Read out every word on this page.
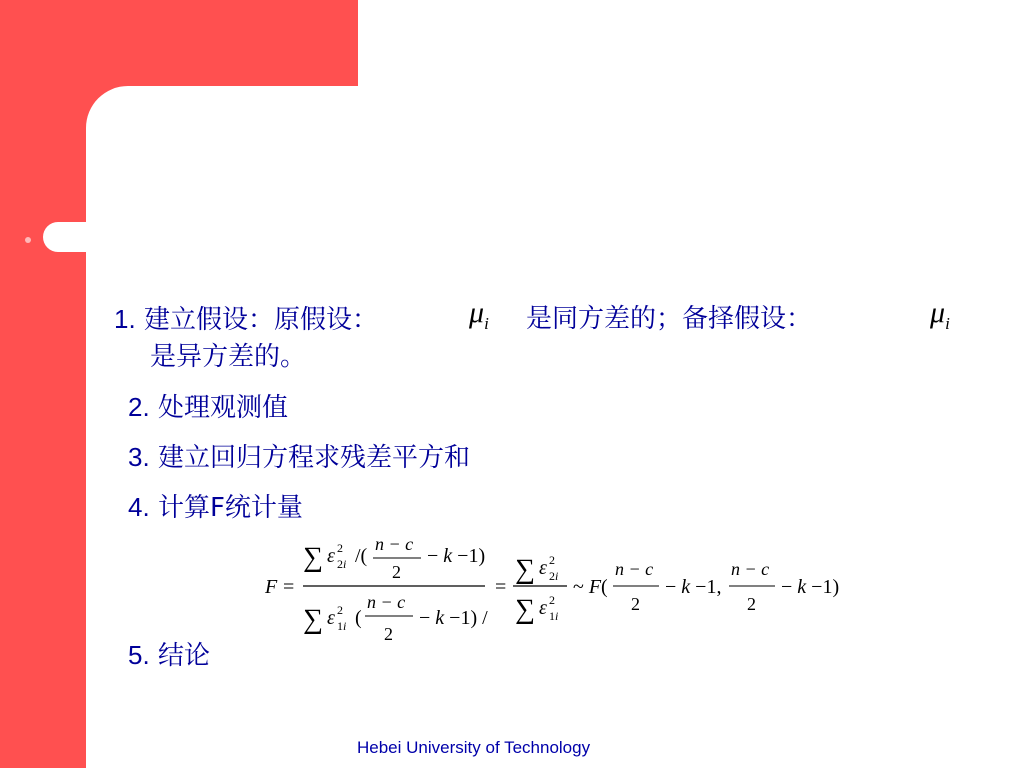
1. 建立假设：原假设：	$\mu_i$ 是同方差的；备择假设：	$\mu_i$
是异方差的。
2. 处理观测值
3. 建立回归方程求残差平方和
4. 计算F统计量
F =
∑ ε 2
2i /(
n − c
2
− k −1)
∑ ε 2
1i (
n − c
2
− k −1) /
=
∑ ε 2
2i
∑ ε 2
1i
~ F(
n − c
2
− k −1,
n − c
2
− k −1)
5. 结论
Hebei University of Technology
